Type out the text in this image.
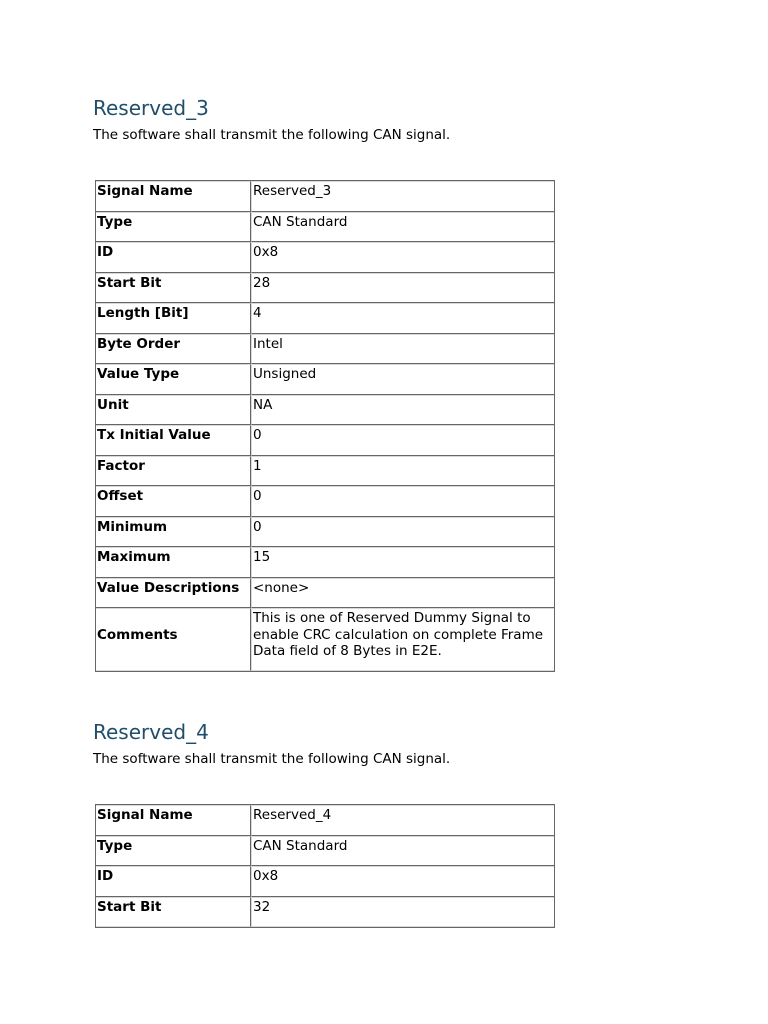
Reserved_3

The software shall transmit the following CAN signal.

Signal Name	Reserved_3
Type	CAN Standard
ID	0x8
Start Bit	28
Length [Bit]	4
Byte Order	Intel
Value Type	Unsigned
Unit	NA
Tx Initial Value	0
Factor	1
Offset	0
Minimum	0
Maximum	15
Value Descriptions	<none>
Comments	This is one of Reserved Dummy Signal to enable CRC calculation on complete Frame Data field of 8 Bytes in E2E.
Reserved_4

The software shall transmit the following CAN signal.

Signal Name	Reserved_4
Type	CAN Standard
ID	0x8
Start Bit	32
